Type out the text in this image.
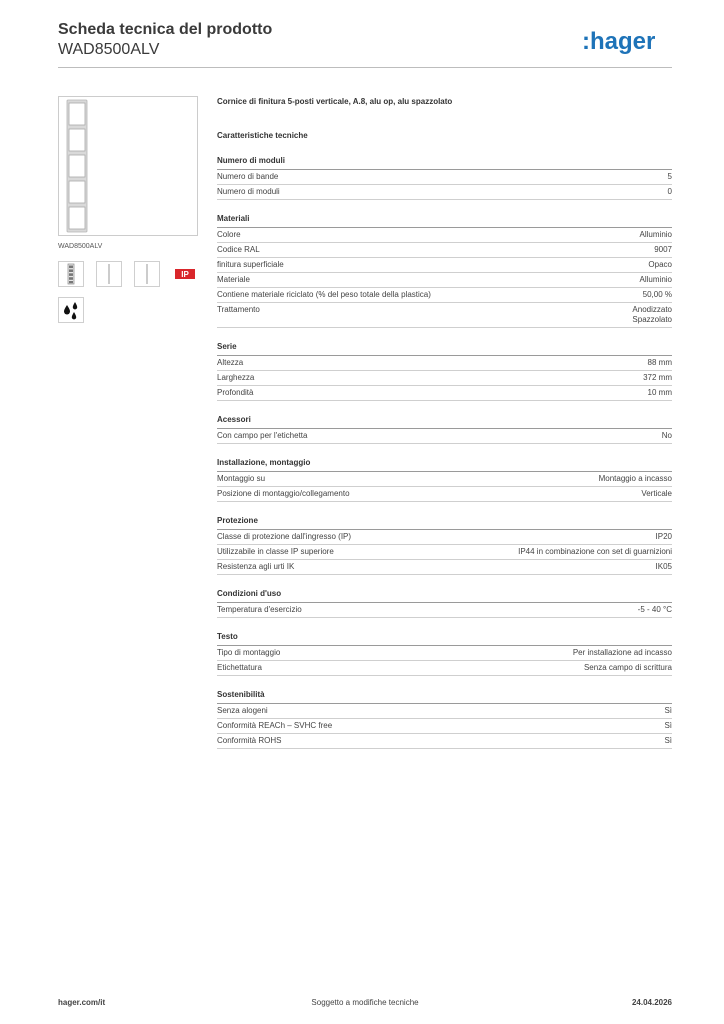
Scheda tecnica del prodotto
WAD8500ALV	:hager
WAD8500ALV
IP
Cornice di finitura 5-posti verticale, A.8, alu op, alu spazzolato
Caratteristiche tecniche
Numero di moduli
Numero di bande	5
Numero di moduli	0
Materiali
Colore	Alluminio
Codice RAL	9007
finitura superficiale	Opaco
Materiale	Alluminio
Contiene materiale riciclato (% del peso totale della plastica)	50,00 %
Trattamento	Anodizzato
Spazzolato
Serie
Altezza	88 mm
Larghezza	372 mm
Profondità	10 mm
Acessori
Con campo per l'etichetta	No
Installazione, montaggio
Montaggio su	Montaggio a incasso
Posizione di montaggio/collegamento	Verticale
Protezione
Classe di protezione dall'ingresso (IP)	IP20
Utilizzabile in classe IP superiore	IP44 in combinazione con set di guarnizioni
Resistenza agli urti IK	IK05
Condizioni d'uso
Temperatura d'esercizio	-5 - 40 °C
Testo
Tipo di montaggio	Per installazione ad incasso
Etichettatura	Senza campo di scrittura
Sostenibilità
Senza alogeni	Sì
Conformità REACh – SVHC free	Sì
Conformità ROHS	Sì
hager.com/it	Soggetto a modifiche tecniche	24.04.2026
